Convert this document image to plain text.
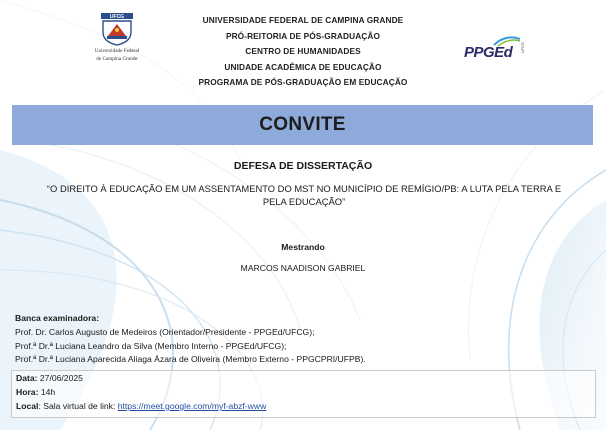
UFCG
Universidade Federal
de Campina Grande
UNIVERSIDADE FEDERAL DE CAMPINA GRANDE
PRÓ-REITORIA DE PÓS-GRADUAÇÃO
CENTRO DE HUMANIDADES
UNIDADE ACADÊMICA DE EDUCAÇÃO
PROGRAMA DE PÓS-GRADUAÇÃO EM EDUCAÇÃO
PPGEd UFCG
CONVITE
DEFESA DE DISSERTAÇÃO
“O DIREITO À EDUCAÇÃO EM UM ASSENTAMENTO DO MST NO MUNICÍPIO DE REMÍGIO/PB: A LUTA PELA TERRA E
PELA EDUCAÇÃO”
Mestrando
MARCOS NAADISON GABRIEL
Banca examinadora:
Prof. Dr. Carlos Augusto de Medeiros (Orientador/Presidente - PPGEd/UFCG);
Prof.ª Dr.ª Luciana Leandro da Silva (Membro Interno - PPGEd/UFCG);
Prof.ª Dr.ª Luciana Aparecida Aliaga Ázara de Oliveira (Membro Externo - PPGCPRI/UFPB).
Data: 27/06/2025
Hora: 14h
Local: Sala virtual de link: https://meet.google.com/myf-abzf-www
